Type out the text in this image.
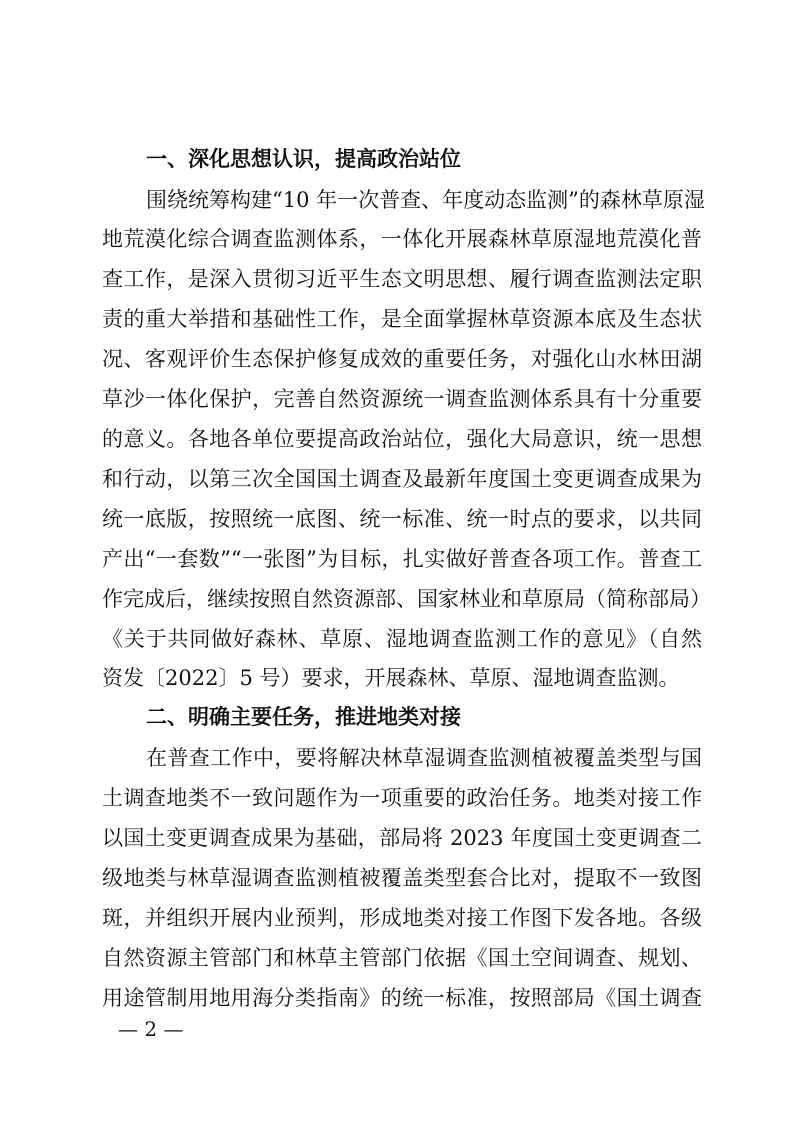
一、深化思想认识，提高政治站位
围绕统筹构建“10 年一次普查、年度动态监测”的森林草原湿
地荒漠化综合调查监测体系，一体化开展森林草原湿地荒漠化普
查工作，是深入贯彻习近平生态文明思想、履行调查监测法定职
责的重大举措和基础性工作，是全面掌握林草资源本底及生态状
况、客观评价生态保护修复成效的重要任务，对强化山水林田湖
草沙一体化保护，完善自然资源统一调查监测体系具有十分重要
的意义。各地各单位要提高政治站位，强化大局意识，统一思想
和行动，以第三次全国国土调查及最新年度国土变更调查成果为
统一底版，按照统一底图、统一标准、统一时点的要求，以共同
产出“一套数”“一张图”为目标，扎实做好普查各项工作。普查工
作完成后，继续按照自然资源部、国家林业和草原局（简称部局）
《关于共同做好森林、草原、湿地调查监测工作的意见》（自然
资发〔2022〕5 号）要求，开展森林、草原、湿地调查监测。
二、明确主要任务，推进地类对接
在普查工作中，要将解决林草湿调查监测植被覆盖类型与国
土调查地类不一致问题作为一项重要的政治任务。地类对接工作
以国土变更调查成果为基础，部局将 2023 年度国土变更调查二
级地类与林草湿调查监测植被覆盖类型套合比对，提取不一致图
斑，并组织开展内业预判，形成地类对接工作图下发各地。各级
自然资源主管部门和林草主管部门依据《国土空间调查、规划、
用途管制用地用海分类指南》的统一标准，按照部局《国土调查
— 2 —
